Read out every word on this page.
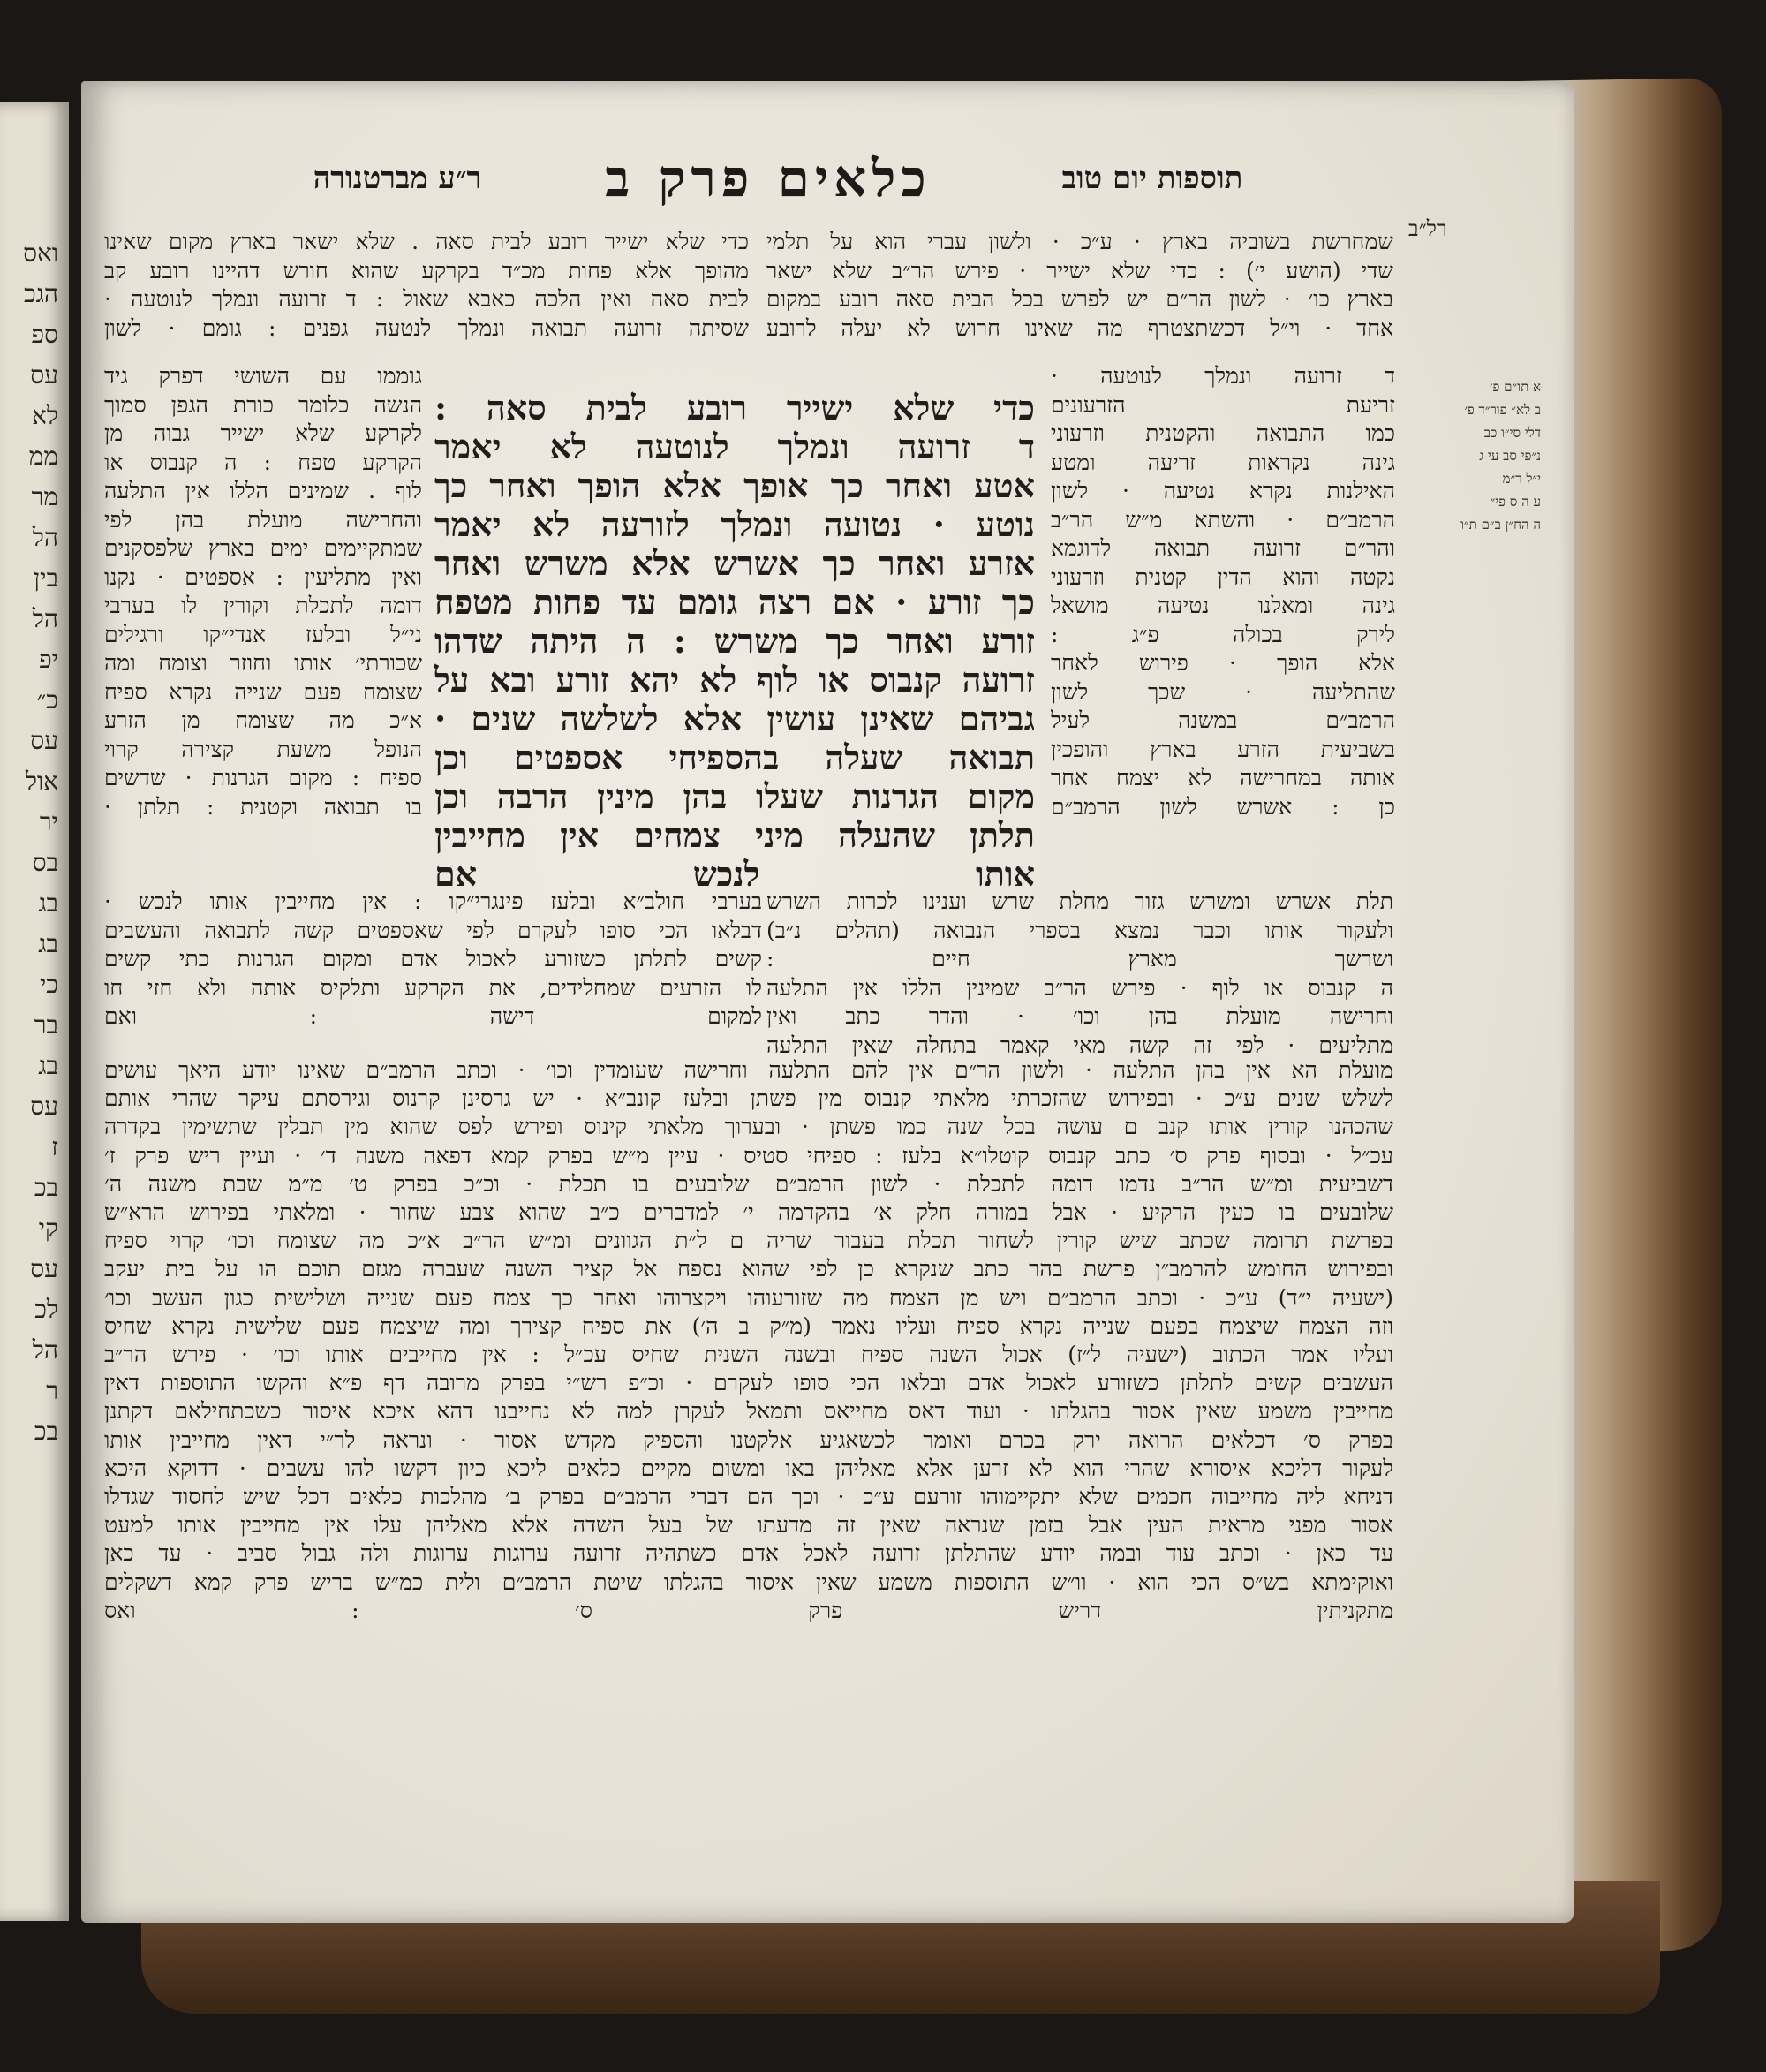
ואס
הגכ
ספ
עס
לא
ממ
מר
הל
בין
הל
יפ
כ״
עס
אול
יר
בס
בג
בג
כי
בר
בג
עס
ז
בכ
קי
עס
לכ
הל
ר
בכ
תוספות יום טוב
כלאים פרק ב
ר״ע מברטנורה
רל״ב
א תו״ם פ׳
ב לא״ פור״ד פ׳
דלי סי״ו כב
נ״פי סב עי ג
י״ל ר״מ
ע ה ס פי״
ה הח״ן ב״ם ת״ו
שמחרשת בשוביה בארץ · ע״כ · ולשון עברי הוא על תלמי
שדי (הושע י׳) : כדי שלא ישייר · פירש הר״ב שלא ישאר
בארץ כו׳ · לשון הר״ם יש לפרש בכל הבית סאה רובע במקום
אחד · וי״ל דכשתצטרף מה שאינו חרוש לא יעלה לרובע
כדי שלא ישייר רובע לבית סאה . שלא ישאר בארץ מקום שאינו
מהופך אלא פחות מכ״ד בקרקע שהוא חורש דהיינו רובע קב
לבית סאה ואין הלכה כאבא שאול : ד זרועה ונמלך לנוטעה ·
שסיתה זרועה תבואה ונמלך לנטעה גפנים : גומם · לשון
ד זרועה ונמלך לנוטעה ·
זריעת הזרעונים
כמו התבואה והקטנית וזרעוני
גינה נקראות זריעה ומטע
האילנות נקרא נטיעה · לשון
הרמב״ם · והשתא מ״ש הר״ב
והר״ם זרועה תבואה לדוגמא
נקטה והוא הדין קטנית וזרעוני
גינה ומאלנו נטיעה מושאל
לירק בכולה פ״ג :
אלא הופך · פירוש לאחר
שהתליעה · שכך לשון
הרמב״ם במשנה לעיל
בשביעית הזרע בארץ והופכין
אותה במחרישה לא יצמח אחר
כן : אשרש לשון הרמב״ם
גוממו עם השושי דפרק גיד
הנשה כלומר כורת הגפן סמוך
לקרקע שלא ישייר גבוה מן
הקרקע טפח : ה קנבוס או
לוף . שמינים הללו אין התלעה
והחרישה מועלת בהן לפי
שמתקיימים ימים בארץ שלפסקנים
ואין מתליעין : אספטים · נקנו
דומה לתכלת וקורין לו בערבי
ני״ל ובלעז אנדי״קו ורגילים
שכורתי׳ אותו וחוזר וצומח ומה
שצומח פעם שנייה נקרא ספיח
א״כ מה שצומח מן הזרע
הנופל משעת קצירה קרוי
ספיח : מקום הגרנות · שדשים
בו תבואה וקטנית : תלתן ·
כדי שלא ישייר רובע לבית סאה :
ד זרועה ונמלך לנוטעה לא יאמר
אטע ואחר כך אופך אלא הופך ואחר כך
נוטע · נטועה ונמלך לזורעה לא יאמר
אזרע ואחר כך אשרש אלא משרש ואחר
כך זורע · אם רצה גומם עד פחות מטפח
זורע ואחר כך משרש : ה היתה שדהו
זרועה קנבוס או לוף לא יהא זורע ובא על
גביהם שאינן עושין אלא לשלשה שנים ·
תבואה שעלה בהספיחי אספטים וכן
מקום הגרנות שעלו בהן מינין הרבה וכן
תלתן שהעלה מיני צמחים אין מחייבין
אותו לנכש אם
בערבי חולב״א ובלעז פינגרי״קו : אין מחייבין אותו לנכש ·
דבלאו הכי סופו לעקרם לפי שאספטים קשה לתבואה והעשבים
קשים לתלתן כשזורע לאכול אדם ומקום הגרנות כתי קשים
לו הזרעים שמחלידים, את הקרקע ותלקיס אותה ולא חזי חו
למקום דישה : ואם
תלת אשרש ומשרש גזור מחלת שרש וענינו לכרות השרש
ולעקור אותו וכבר נמצא בספרי הנבואה (תהלים נ״ב)
ושרשך מארץ חיים :
ה קנבוס או לוף · פירש הר״ב שמינין הללו אין התלעה
וחרישה מועלת בהן וכו׳ · והדר כתב ואין
מתליעים · לפי זה קשה מאי קאמר בתחלה שאין התלעה
מועלת הא אין בהן התלעה · ולשון הר״ם אין להם התלעה וחרישה שעומדין וכו׳ · וכתב הרמב״ם שאינו יודע היאך עושים
לשלש שנים ע״כ · ובפירוש שהזכרתי מלאתי קנבוס מין פשתן ובלעז קונב״א · יש גרסינן קרנוס וגירסתם עיקר שהרי אותם
שהכהנו קורין אותו קנב ם עושה בכל שנה כמו פשתן · ובערוך מלאתי קינוס ופירש לפס שהוא מין תבלין שתשימין בקדרה
עכ״ל · ובסוף פרק ס׳ כתב קנבוס קוטלו״א בלעז : ספיחי סטיס · עיין מ״ש בפרק קמא דפאה משנה ד׳ · ועיין ריש פרק ז׳
דשביעית ומ״ש הר״ב נדמו דומה לתכלת · לשון הרמב״ם שלובעים בו תכלת · וכ״כ בפרק ט׳ מ״מ שבת משנה ה׳
שלובעים בו כעין הרקיע · אבל במורה חלק א׳ בהקדמה י׳ למדברים כ״ב שהוא צבע שחור · ומלאתי בפירוש הרא״ש
בפרשת תרומה שכתב שיש קורין לשחור תכלת בעבור שריה ם ל״ת הגוונים ומ״ש הר״ב א״כ מה שצומח וכו׳ קרוי ספיח
ובפירוש החומש להרמב״ן פרשת בהר כתב שנקרא כן לפי שהוא נספח אל קציר השנה שעברה מגזם תוכם הו על בית יעקב
(ישעיה י״ד) ע״כ · וכתב הרמב״ם ויש מן הצמח מה שזורעוהו ויקצרוהו ואחר כך צמח פעם שנייה ושלישית כגון העשב וכו׳
וזה הצמח שיצמח בפעם שנייה נקרא ספיח ועליו נאמר (מ״ק ב ה׳) את ספיח קצירך ומה שיצמח פעם שלישית נקרא שחיס
ועליו אמר הכתוב (ישעיה ל״ז) אכול השנה ספיח ובשנה השנית שחיס עכ״ל : אין מחייבים אותו וכו׳ · פירש הר״ב
העשבים קשים לתלתן כשזורע לאכול אדם ובלאו הכי סופו לעקרם · וכ״פ רש״י בפרק מרובה דף פ״א והקשו התוספות דאין
מחייבין משמע שאין אסור בהגלתו · ועוד דאס מחייאס ותמאל לעקרן למה לא נחייבנו דהא איכא איסור כשכתחילאם דקתנן
בפרק ס׳ דכלאים הרואה ירק בכרם ואומר לכשאגיע אלקטנו והספיק מקדש אסור · ונראה לר״י דאין מחייבין אותו
לעקור דליכא איסורא שהרי הוא לא זרען אלא מאליהן באו ומשום מקיים כלאים ליכא כיון דקשו להו עשבים · דדוקא היכא
דניחא ליה מחייבוה חכמים שלא יתקיימוהו זורעם ע״כ · וכך הם דברי הרמב״ם בפרק ב׳ מהלכות כלאים דכל שיש לחסוד שגדלו
אסור מפני מראית העין אבל בזמן שנראה שאין זה מדעתו של בעל השדה אלא מאליהן עלו אין מחייבין אותו למעט
עד כאן · וכתב עוד ובמה יודע שהתלתן זרועה לאכל אדם כשתהיה זרועה ערוגות ערוגות ולה גבול סביב · עד כאן
ואוקימתא בש״ס הכי הוא · וו״ש התוספות משמע שאין איסור בהגלתו שיטת הרמב״ם ולית כמ״ש בריש פרק קמא דשקלים
מתקניתין דריש פרק ס׳ : ואס
